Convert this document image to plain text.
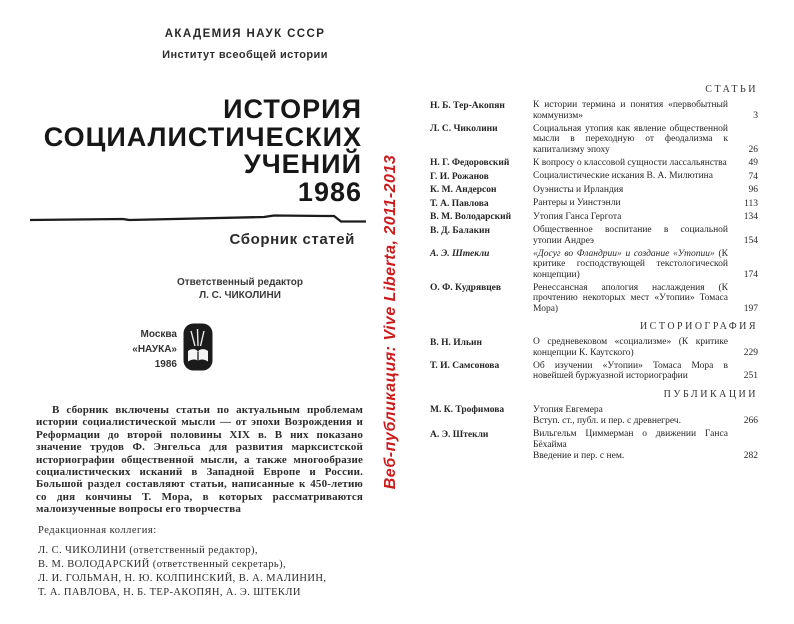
АКАДЕМИЯ НАУК СССР
Институт всеобщей истории
ИСТОРИЯ
СОЦИАЛИСТИЧЕСКИХ
УЧЕНИЙ
1986
Сборник статей
Ответственный редактор
Л. С. ЧИКОЛИНИ
Москва
«НАУКА»
1986
В сборник включены статьи по актуальным проблемам истории социалистической мысли — от эпохи Возрождения и Реформации до второй половины XIX в. В них показано значение трудов Ф. Энгельса для развития марксистской историографии общественной мысли, а также многообразие социалистических исканий в Западной Европе и России. Большой раздел составляют статьи, написанные к 450-летию со дня кончины Т. Мора, в которых рассматриваются малоизученные вопросы его творчества
Редакционная коллегия:
Л. С. ЧИКОЛИНИ (ответственный редактор),
В. М. ВОЛОДАРСКИЙ (ответственный секретарь),
Л. И. ГОЛЬМАН, Н. Ю. КОЛПИНСКИЙ, В. А. МАЛИНИН,
Т. А. ПАВЛОВА, Н. Б. ТЕР-АКОПЯН, А. Э. ШТЕКЛИ
Веб-публикация: Vive Liberta, 2011-2013
СТАТЬИ
Н. Б. Тер-Акопян	К истории термина и понятия «первобытный коммунизм»	3
Л. С. Чиколини	Социальная утопия как явление общественной мысли в переходную от феодализма к капитализму эпоху	26
Н. Г. Федоровский	К вопросу о классовой сущности лассальянства	49
Г. И. Рожанов	Социалистические искания В. А. Милютина	74
К. М. Андерсон	Оуэнисты и Ирландия	96
Т. А. Павлова	Рантеры и Уинстэнли	113
В. М. Володарский	Утопия Ганса Гергота	134
В. Д. Балакин	Общественное воспитание в социальной утопии Андреэ	154
А. Э. Штекли	«Досуг во Фландрии» и создание «Утопии» (К критике господствующей текстологической концепции)	174
О. Ф. Кудрявцев	Ренессансная апология наслаждения (К прочтению некоторых мест «Утопии» Томаса Мора)	197
ИСТОРИОГРАФИЯ
В. Н. Ильин	О средневековом «социализме» (К критике концепции К. Каутского)	229
Т. И. Самсонова	Об изучении «Утопии» Томаса Мора в новейшей буржуазной историографии	251
ПУБЛИКАЦИИ
М. К. Трофимова	Утопия Евгемера
Вступ. ст., публ. и пер. с древнегреч.	266
А. Э. Штекли	Вильгельм Циммерман о движении Ганса Бёхайма
Введение и пер. с нем.	282
